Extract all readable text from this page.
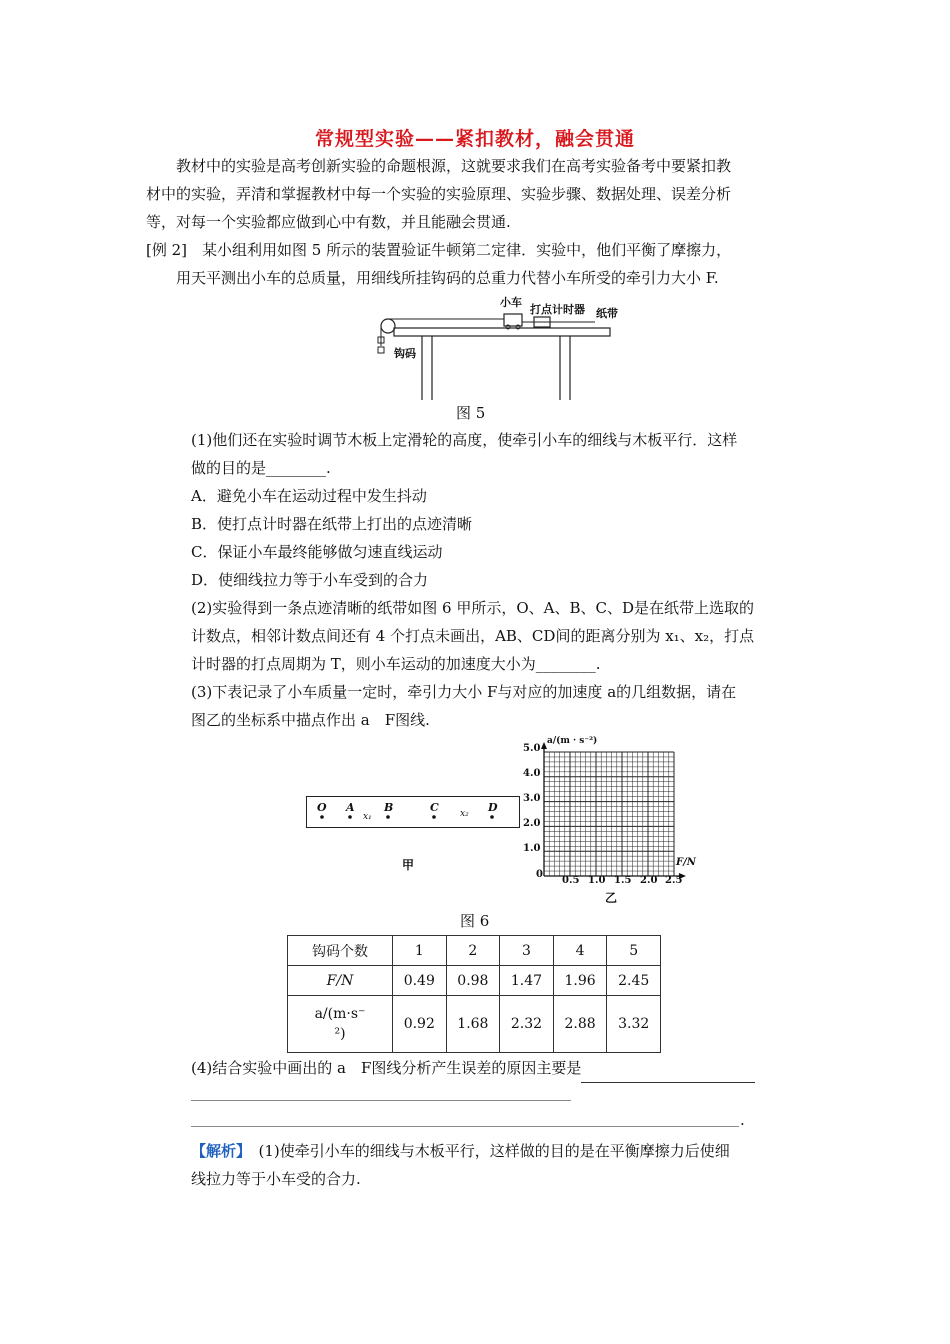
常规型实验——紧扣教材，融会贯通
教材中的实验是高考创新实验的命题根源，这就要求我们在高考实验备考中要紧扣教
材中的实验，弄清和掌握教材中每一个实验的实验原理、实验步骤、数据处理、误差分析
等，对每一个实验都应做到心中有数，并且能融会贯通.
[例 2]　某小组利用如图 5 所示的装置验证牛顿第二定律．实验中，他们平衡了摩擦力，
用天平测出小车的总质量，用细线所挂钩码的总重力代替小车所受的牵引力大小 F.
小车
打点计时器 纸带
钩码
图 5
(1)他们还在实验时调节木板上定滑轮的高度，使牵引小车的细线与木板平行．这样
做的目的是________.
A．避免小车在运动过程中发生抖动
B．使打点计时器在纸带上打出的点迹清晰
C．保证小车最终能够做匀速直线运动
D．使细线拉力等于小车受到的合力
(2)实验得到一条点迹清晰的纸带如图 6 甲所示，O、A、B、C、D是在纸带上选取的
计数点，相邻计数点间还有 4 个打点未画出，AB、CD间的距离分别为 x₁、x₂，打点
计时器的打点周期为 T，则小车运动的加速度大小为________.
(3)下表记录了小车质量一定时，牵引力大小 F与对应的加速度 a的几组数据，请在
图乙的坐标系中描点作出 a　F图线.
O A	B	C	D
x₁	x₂
甲
a/(m · s⁻²)
5.0
4.0
3.0
2.0
1.0
0
0.5 1.0 1.5 2.0 2.5
F/N
乙
图 6
钩码个数	1	2	3	4	5
F/N	0.49	0.98	1.47	1.96	2.45

a/(m·s⁻
²)	0.92	1.68	2.32	2.88	3.32
(4)结合实验中画出的 a　F图线分析产生误差的原因主要是
.
【解析】　(1)使牵引小车的细线与木板平行，这样做的目的是在平衡摩擦力后使细
线拉力等于小车受的合力.
